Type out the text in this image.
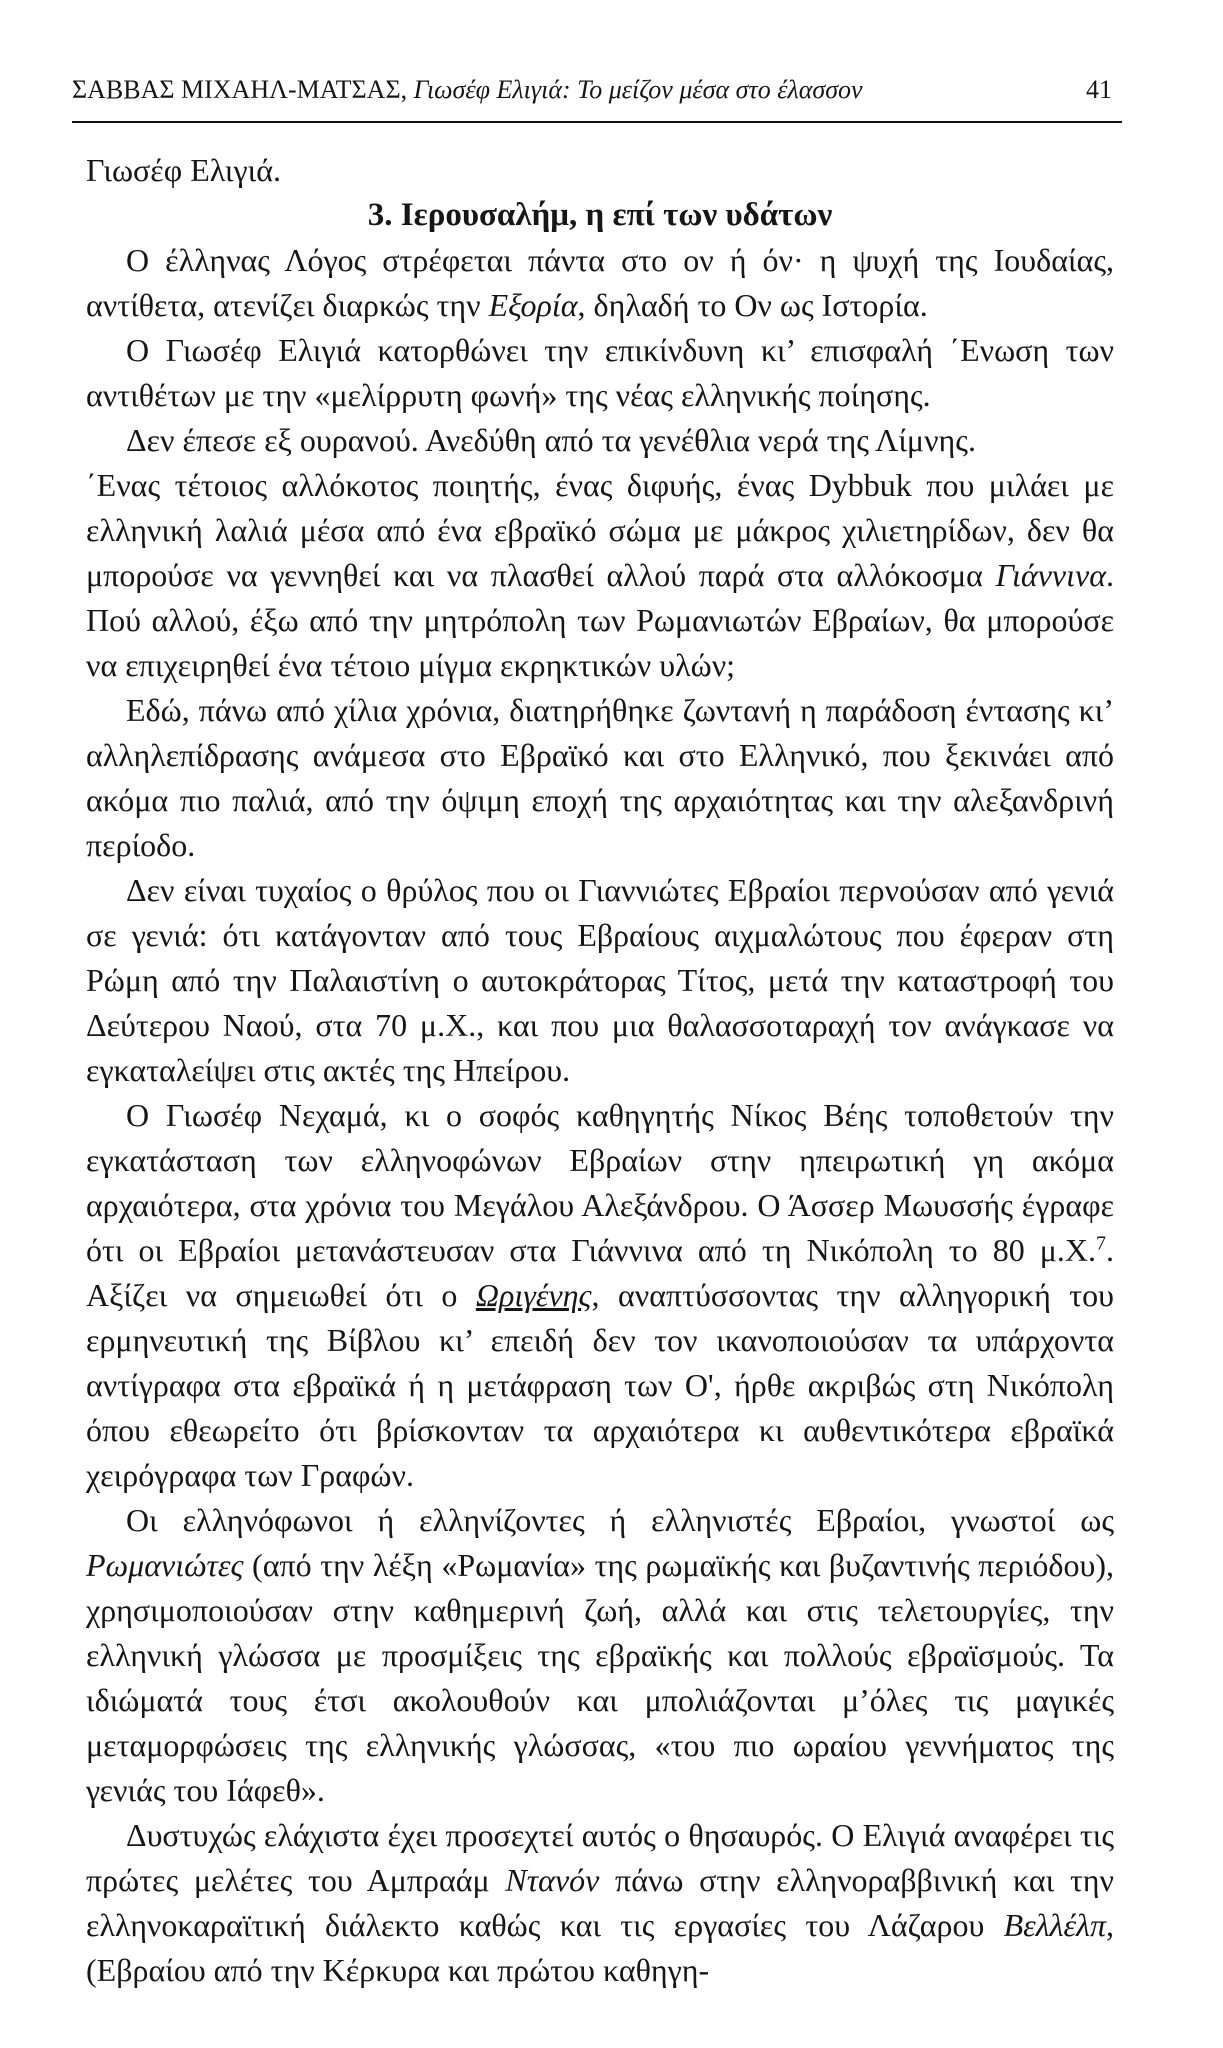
ΣΑΒΒΑΣ ΜΙΧΑΗΛ-ΜΑΤΣΑΣ, Γιωσέφ Ελιγιά: Το μείζον μέσα στο έλασσον	41

Γιωσέφ Ελιγιά.

3. Ιερουσαλήμ, η επί των υδάτων

Ο έλληνας Λόγος στρέφεται πάντα στο ον ή όν· η ψυχή της Ιουδαίας, αντίθετα, ατενίζει διαρκώς την Εξορία, δηλαδή το Ον ως Ιστορία.

Ο Γιωσέφ Ελιγιά κατορθώνει την επικίνδυνη κι’ επισφαλή ΄Ενωση των αντιθέτων με την «μελίρρυτη φωνή» της νέας ελληνικής ποίησης.

Δεν έπεσε εξ ουρανού. Ανεδύθη από τα γενέθλια νερά της Λίμνης.

΄Ενας τέτοιος αλλόκοτος ποιητής, ένας διφυής, ένας Dybbuk που μιλάει με ελληνική λαλιά μέσα από ένα εβραϊκό σώμα με μάκρος χιλιετηρίδων, δεν θα μπορούσε να γεννηθεί και να πλασθεί αλλού παρά στα αλλόκοσμα Γιάννινα. Πού αλλού, έξω από την μητρόπολη των Ρωμανιωτών Εβραίων, θα μπορούσε να επιχειρηθεί ένα τέτοιο μίγμα εκρηκτικών υλών;

Εδώ, πάνω από χίλια χρόνια, διατηρήθηκε ζωντανή η παράδοση έντασης κι’ αλληλεπίδρασης ανάμεσα στο Εβραϊκό και στο Ελληνικό, που ξεκινάει από ακόμα πιο παλιά, από την όψιμη εποχή της αρχαιότητας και την αλεξανδρινή περίοδο.

Δεν είναι τυχαίος ο θρύλος που οι Γιαννιώτες Εβραίοι περνούσαν από γενιά σε γενιά: ότι κατάγονταν από τους Εβραίους αιχμαλώτους που έφεραν στη Ρώμη από την Παλαιστίνη ο αυτοκράτορας Τίτος, μετά την καταστροφή του Δεύτερου Ναού, στα 70 μ.Χ., και που μια θαλασσοταραχή τον ανάγκασε να εγκαταλείψει στις ακτές της Ηπείρου.

Ο Γιωσέφ Νεχαμά, κι ο σοφός καθηγητής Νίκος Βέης τοποθετούν την εγκατάσταση των ελληνοφώνων Εβραίων στην ηπειρωτική γη ακόμα αρχαιότερα, στα χρόνια του Μεγάλου Αλεξάνδρου. Ο Άσσερ Μωυσσής έγραφε ότι οι Εβραίοι μετανάστευσαν στα Γιάννινα από τη Νικόπολη το 80 μ.Χ.$^7$. Αξίζει να σημειωθεί ότι ο Ωριγένης, αναπτύσσοντας την αλληγορική του ερμηνευτική της Βίβλου κι’ επειδή δεν τον ικανοποιούσαν τα υπάρχοντα αντίγραφα στα εβραϊκά ή η μετάφραση των Ο', ήρθε ακριβώς στη Νικόπολη όπου εθεωρείτο ότι βρίσκονταν τα αρχαιότερα κι αυθεντικότερα εβραϊκά χειρόγραφα των Γραφών.

Οι ελληνόφωνοι ή ελληνίζοντες ή ελληνιστές Εβραίοι, γνωστοί ως Ρωμανιώτες (από την λέξη «Ρωμανία» της ρωμαϊκής και βυζαντινής περιόδου), χρησιμοποιούσαν στην καθημερινή ζωή, αλλά και στις τελετουργίες, την ελληνική γλώσσα με προσμίξεις της εβραϊκής και πολλούς εβραϊσμούς. Τα ιδιώματά τους έτσι ακολουθούν και μπολιάζονται μ’όλες τις μαγικές μεταμορφώσεις της ελληνικής γλώσσας, «του πιο ωραίου γεννήματος της γενιάς του Ιάφεθ».

Δυστυχώς ελάχιστα έχει προσεχτεί αυτός ο θησαυρός. Ο Ελιγιά αναφέρει τις πρώτες μελέτες του Αμπραάμ Ντανόν πάνω στην ελληνοραββινική και την ελληνοκαραϊτική διάλεκτο καθώς και τις εργασίες του Λάζαρου Βελλέλπ, (Εβραίου από την Κέρκυρα και πρώτου καθηγη-
